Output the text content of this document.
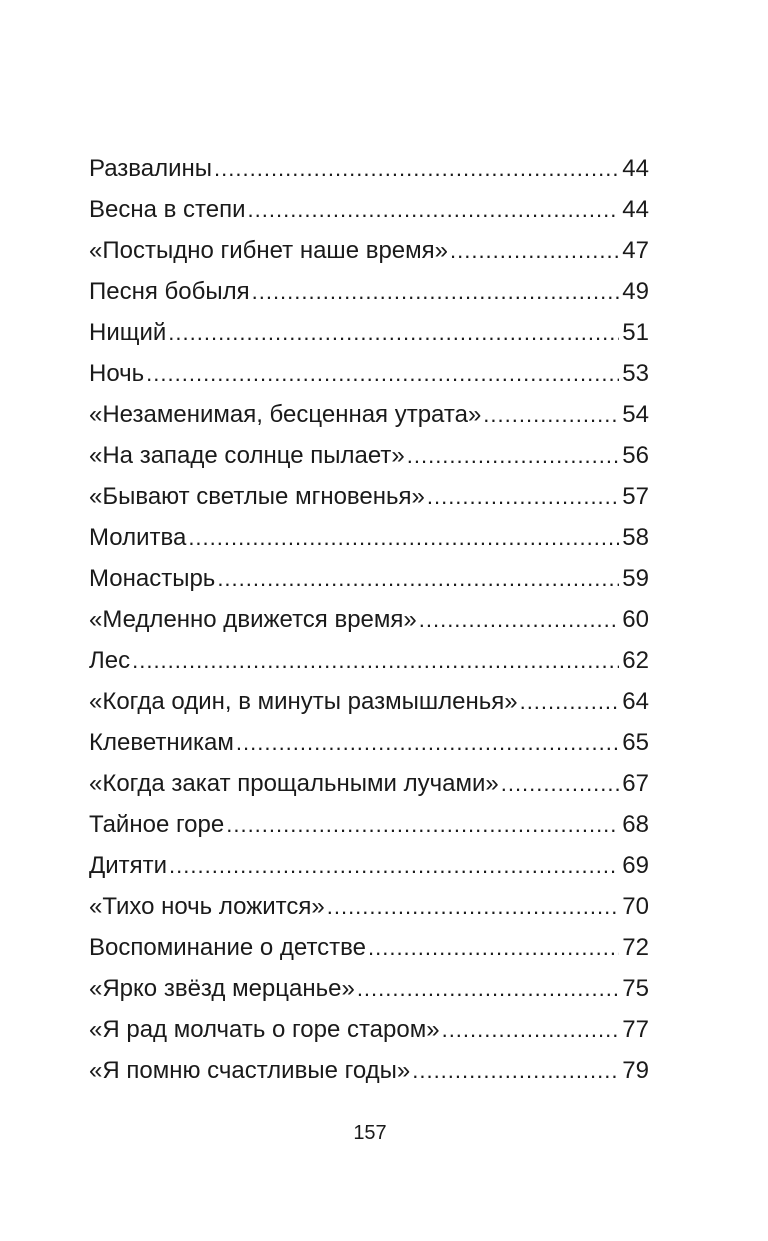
Развалины .....	44
Весна в степи .....	44
«Постыдно гибнет наше время» .....	47
Песня бобыля .....	49
Нищий .....	51
Ночь .....	53
«Незаменимая, бесценная утрата» .....	54
«На западе солнце пылает» .....	56
«Бывают светлые мгновенья» .....	57
Молитва .....	58
Монастырь .....	59
«Медленно движется время» .....	60
Лес .....	62
«Когда один, в минуты размышленья» .....	64
Клеветникам .....	65
«Когда закат прощальными лучами» .....	67
Тайное горе .....	68
Дитяти .....	69
«Тихо ночь ложится» .....	70
Воспоминание о детстве .....	72
«Ярко звёзд мерцанье» .....	75
«Я рад молчать о горе старом» .....	77
«Я помню счастливые годы» .....	79
157
